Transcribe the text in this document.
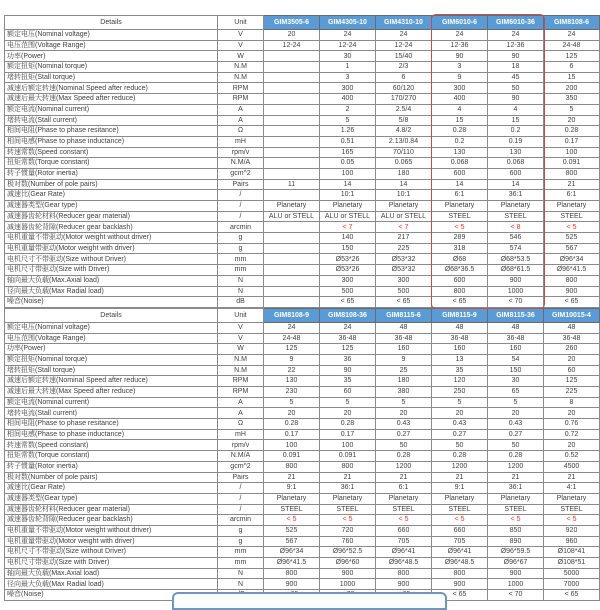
Details	Unit	GIM3505-6	GIM4305-10	GIM4310-10	GIM6010-6	GIM6010-36	GIM8108-6
额定电压(Nominal voltage)	V	20	24	24	24	24	24
电压范围(Voltage Range)	V	12-24	12-24	12-24	12-36	12-36	24-48
功率(Power)	W		30	15/40	90	90	125
额定扭矩(Nominal torque)	N.M		1	2/3	3	18	6
堵转扭矩(Stall torque)	N.M		3	6	9	45	15
减速后额定转速(Nominal Speed after reduce)	RPM		300	60/120	300	50	200
减速后最大转速(Max Speed after reduce)	RPM		400	170/270	400	90	350
额定电流(Nominal current)	A		2	2.5/4	4	4	5
堵转电流(Stall current)	A		5	5/8	15	15	20
相间电阻(Phase to phase resitance)	Ω		1.26	4.8/2	0.28	0.2	0.28
相间电感(Phase to phase inductance)	mH		0.51	2.13/0.84	0.2	0.19	0.17
转速常数(Speed constant)	rpm/v		165	70/110	130	130	100
扭矩常数(Torque constant)	N.M/A		0.05	0.065	0.068	0.068	0.091
转子惯量(Rotor inertia)	gcm^2		100	180	600	600	800
极对数(Number of pole pairs)	Pairs	11	14	14	14	14	21
减速比(Gear Rate)	/		10:1	10:1	6:1	36:1	6:1
减速器类型(Gear type)	/	Planetary	Planetary	Planetary	Planetary	Planetary	Planetary
减速器齿轮材料(Reducer gear material)	/	ALU or STELL	ALU or STELL	ALU or STELL	STEEL	STEEL	STEEL
减速器齿轮背隙(Reducer gear backlash)	arcmin		< 7	< 7	< 5	< 8	< 5
电机重量不带驱动(Motor weight without driver)	g		140	217	289	546	525
电机重量带驱动(Motor weight with driver)	g		150	225	318	574	567
电机尺寸不带驱动(Size without Driver)	mm		Ø53*26	Ø53*32	Ø68	Ø68*53.5	Ø96*34
电机尺寸带驱动(Size with Driver)	mm		Ø53*26	Ø53*32	Ø68*36.5	Ø68*61.5	Ø96*41.5
轴向最大负载(Max.Axial load)	N		300	300	600	900	800
径向最大负载(Max Radial load)	N		500	500	800	1000	900
噪音(Noise)	dB		< 65	< 65	< 65	< 70	< 65
Details	Unit	GIM8108-9	GIM8108-36	GIM8115-6	GIM8115-9	GIM8115-36	GIM10015-4
额定电压(Nominal voltage)	V	24	24	48	48	48	48
电压范围(Voltage Range)	V	24-48	36-48	36-48	36-48	36-48	36-48
功率(Power)	W	125	125	160	160	160	260
额定扭矩(Nominal torque)	N.M	9	36	9	13	54	20
堵转扭矩(Stall torque)	N.M	22	90	25	35	150	60
减速后额定转速(Nominal Speed after reduce)	RPM	130	35	180	120	30	125
减速后最大转速(Max Speed after reduce)	RPM	230	60	380	250	65	225
额定电流(Nominal current)	A	5	5	5	5	5	8
堵转电流(Stall current)	A	20	20	20	20	20	20
相间电阻(Phase to phase resitance)	Ω	0.28	0.28	0.43	0.43	0.43	0.76
相间电感(Phase to phase inductance)	mH	0.17	0.17	0.27	0.27	0.27	0.72
转速常数(Speed constant)	rpm/v	100	100	50	50	50	20
扭矩常数(Torque constant)	N.M/A	0.091	0.091	0.28	0.28	0.28	0.52
转子惯量(Rotor inertia)	gcm^2	800	800	1200	1200	1200	4500
极对数(Number of pole pairs)	Pairs	21	21	21	21	21	21
减速比(Gear Rate)	/	9:1	36:1	6:1	9:1	36:1	4:1
减速器类型(Gear type)	/	Planetary	Planetary	Planetary	Planetary	Planetary	Planetary
减速器齿轮材料(Reducer gear material)	/	STEEL	STEEL	STEEL	STEEL	STEEL	STEEL
减速器齿轮背隙(Reducer gear backlash)	arcmin	< 5	< 5	< 5	< 5	< 5	< 5
电机重量不带驱动(Motor weight without driver)	g	525	720	660	660	850	920
电机重量带驱动(Motor weight with driver)	g	567	760	705	705	890	960
电机尺寸不带驱动(Size without Driver)	mm	Ø96*34	Ø96*52.5	Ø96*41	Ø96*41	Ø96*59.5	Ø108*41
电机尺寸带驱动(Size with Driver)	mm	Ø96*41.5	Ø96*60	Ø96*48.5	Ø96*48.5	Ø96*67	Ø108*51
轴向最大负载(Max.Axial load)	N	800	900	800	800	900	5000
径向最大负载(Max Radial load)	N	900	1000	900	900	1000	7000
噪音(Noise)					< 65	< 70	< 65
